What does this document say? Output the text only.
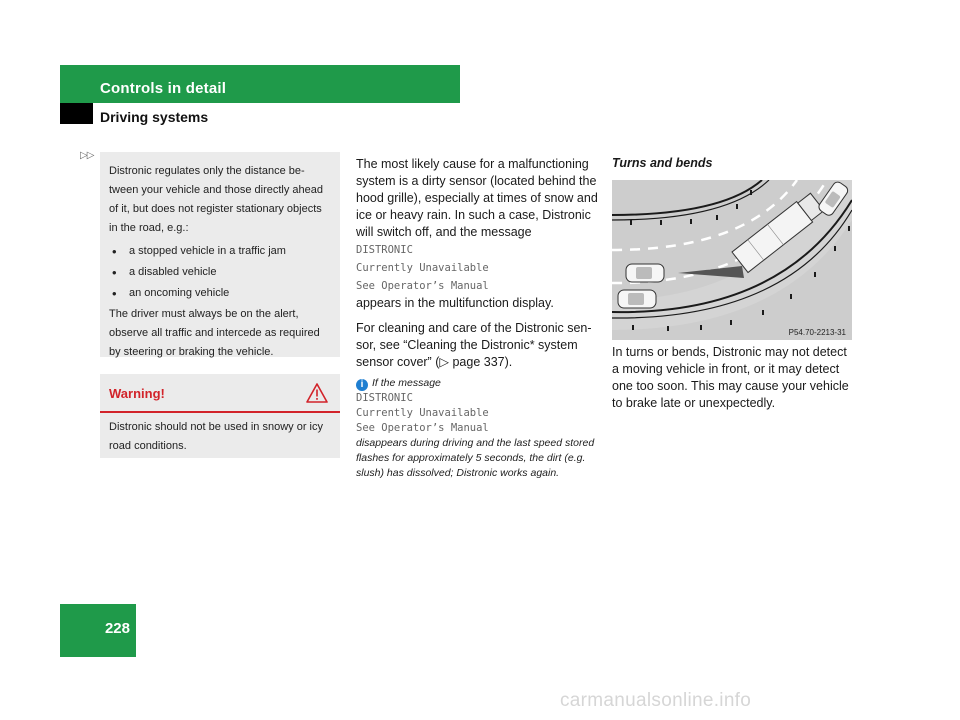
Controls in detail
Driving systems
▷▷

Distronic regulates only the distance be-tween your vehicle and those directly ahead of it, but does not register stationary objects in the road, e.g.:

• a stopped vehicle in a traffic jam
• a disabled vehicle
• an oncoming vehicle

The driver must always be on the alert, observe all traffic and intercede as required by steering or braking the vehicle.

Warning!
Distronic should not be used in snowy or icy road conditions.

The most likely cause for a malfunctioning system is a dirty sensor (located behind the hood grille), especially at times of snow and ice or heavy rain. In such a case, Distronic will switch off, and the message
DISTRONIC
Currently Unavailable
See Operator’s Manual
appears in the multifunction display.

For cleaning and care of the Distronic sen-sor, see “Cleaning the Distronic* system sensor cover” (▷ page 337).

i If the message
DISTRONIC
Currently Unavailable
See Operator’s Manual
disappears during driving and the last speed stored flashes for approximately 5 seconds, the dirt (e.g. slush) has dissolved; Distronic works again.
Turns and bends
P54.70-2213-31
In turns or bends, Distronic may not detect a moving vehicle in front, or it may detect one too soon. This may cause your vehicle to brake late or unexpectedly.
228
carmanualsonline.info
